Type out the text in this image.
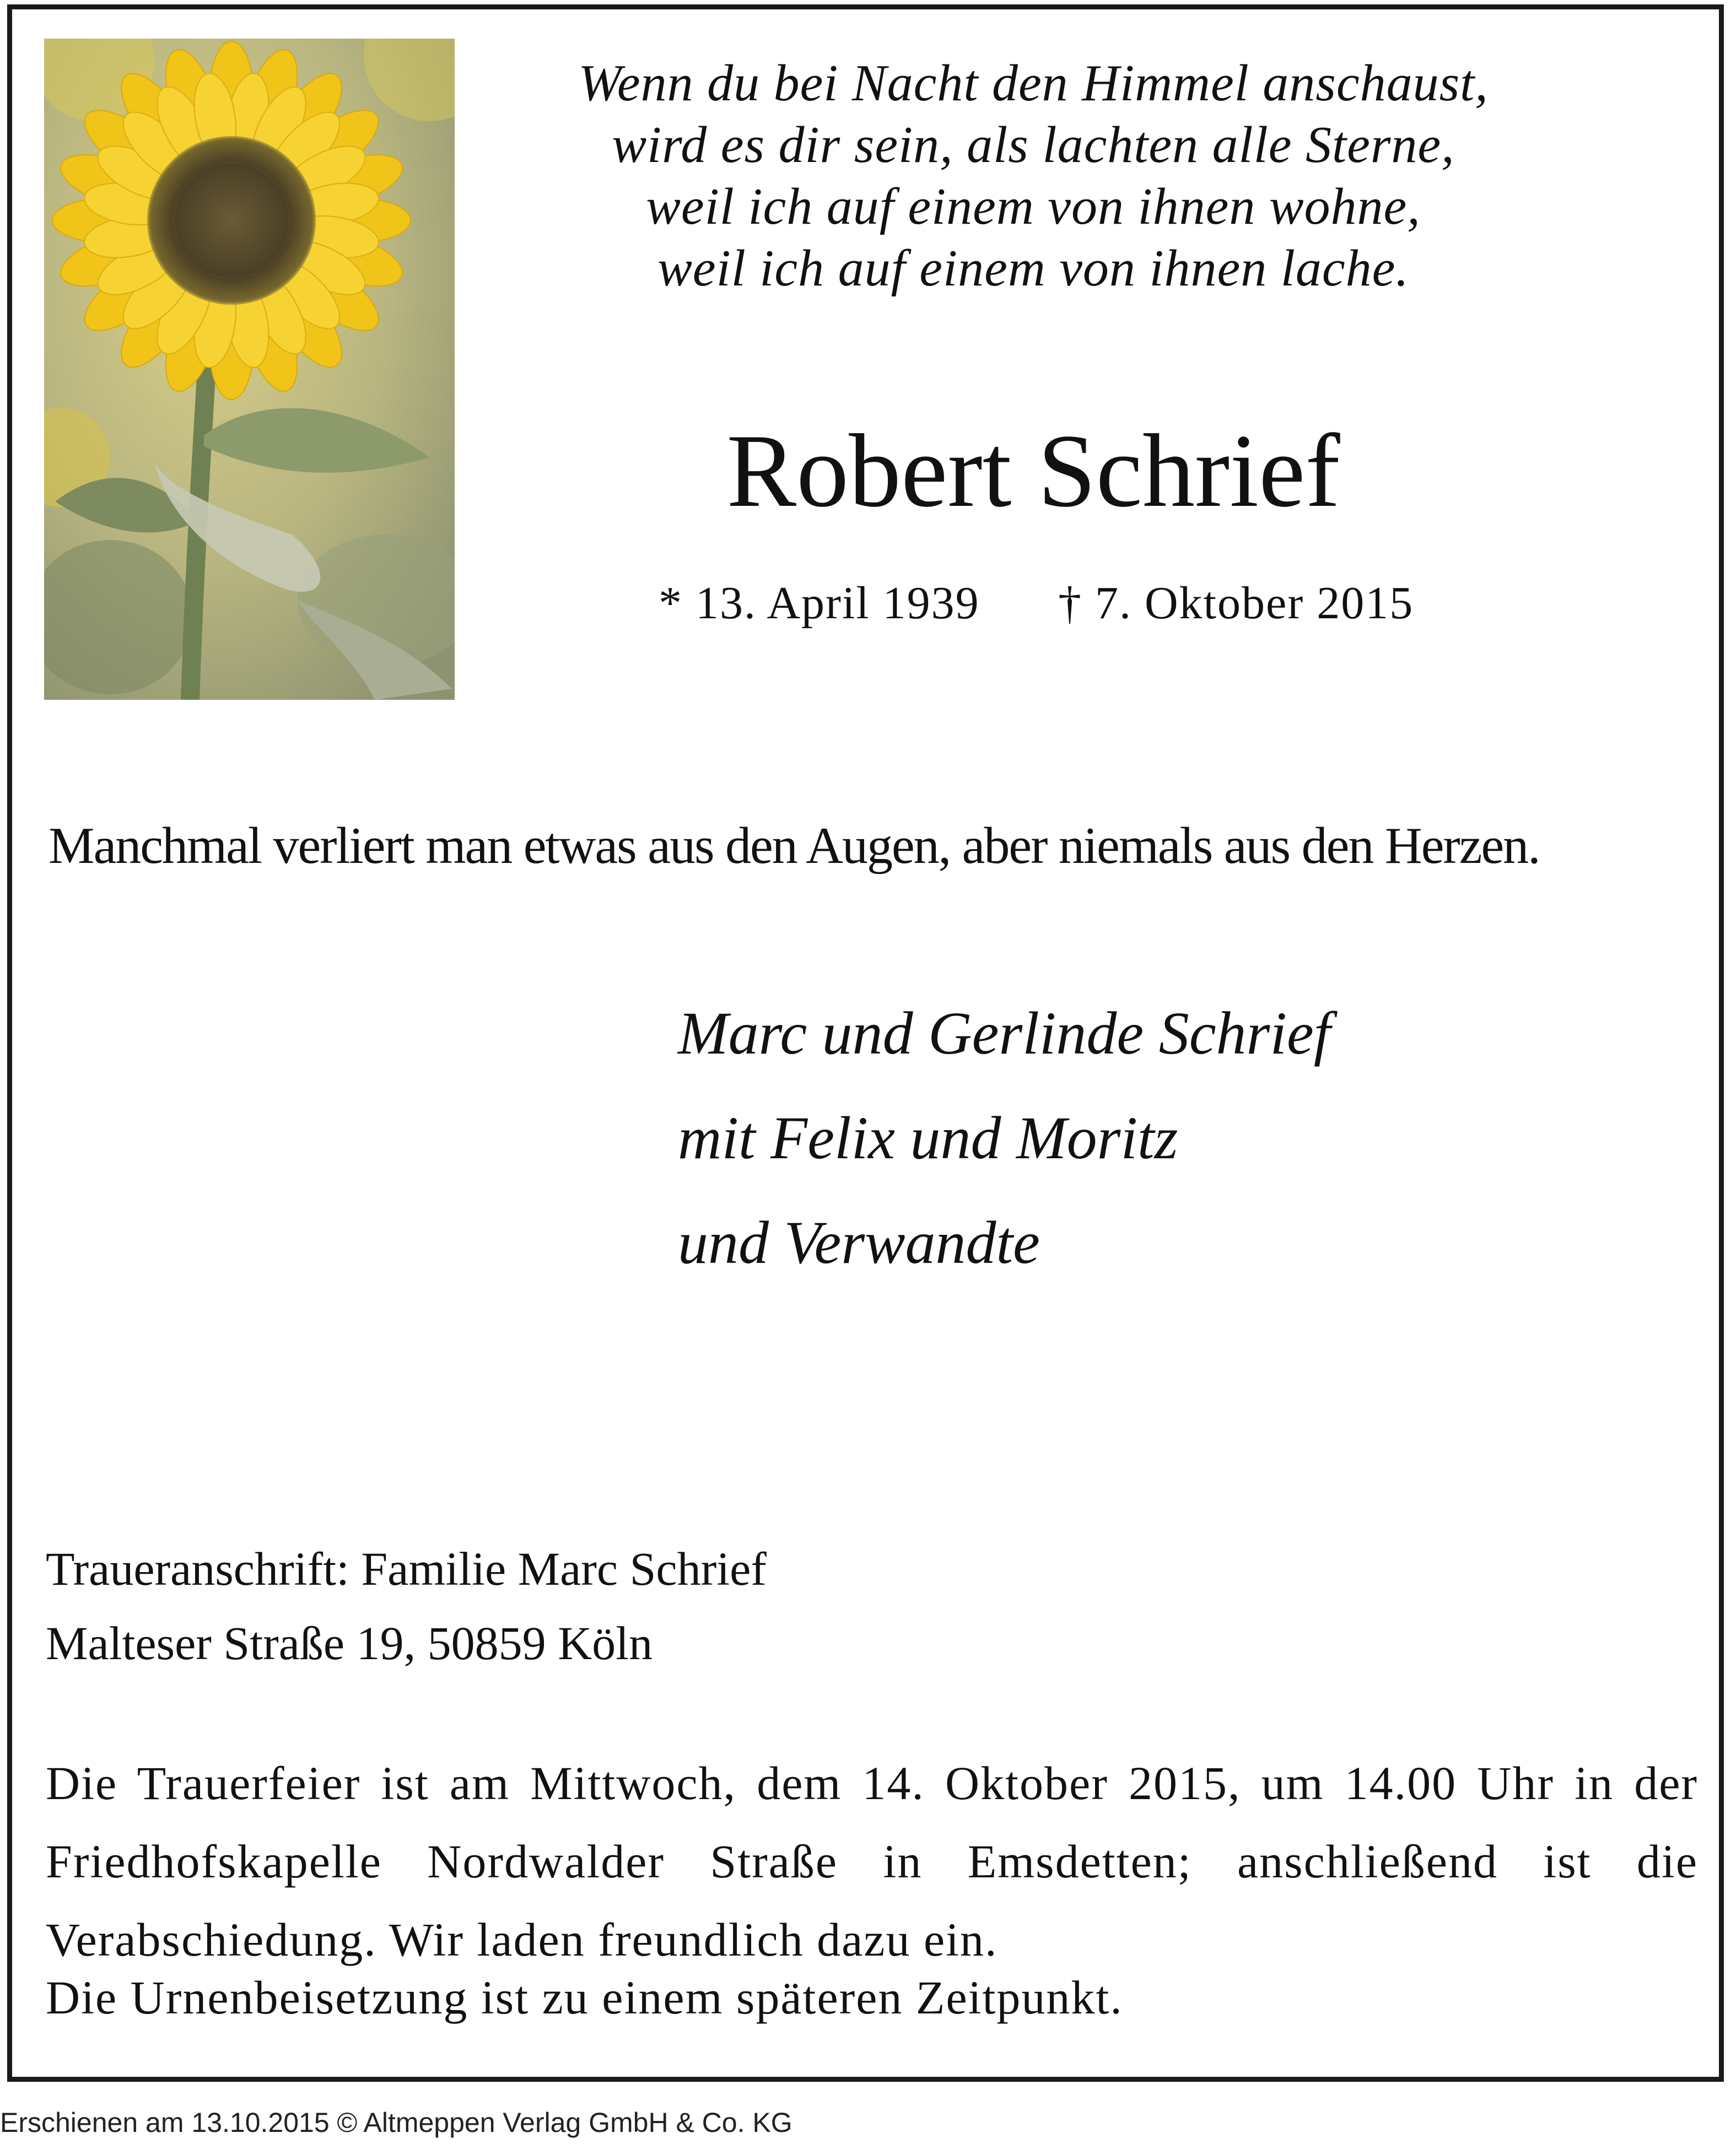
Wenn du bei Nacht den Himmel anschaust,
wird es dir sein, als lachten alle Sterne,
weil ich auf einem von ihnen wohne,
weil ich auf einem von ihnen lache.
Robert Schrief
* 13. April 1939 † 7. Oktober 2015
Manchmal verliert man etwas aus den Augen, aber niemals aus den Herzen.
Marc und Gerlinde Schrief
mit Felix und Moritz
und Verwandte
Traueranschrift: Familie Marc Schrief
Malteser Straße 19, 50859 Köln
Die Trauerfeier ist am Mittwoch, dem 14. Oktober 2015, um 14.00 Uhr in der Friedhofskapelle Nordwalder Straße in Emsdetten; anschließend ist die Verabschiedung. Wir laden freundlich dazu ein.
Die Urnenbeisetzung ist zu einem späteren Zeitpunkt.
Erschienen am 13.10.2015 © Altmeppen Verlag GmbH & Co. KG
